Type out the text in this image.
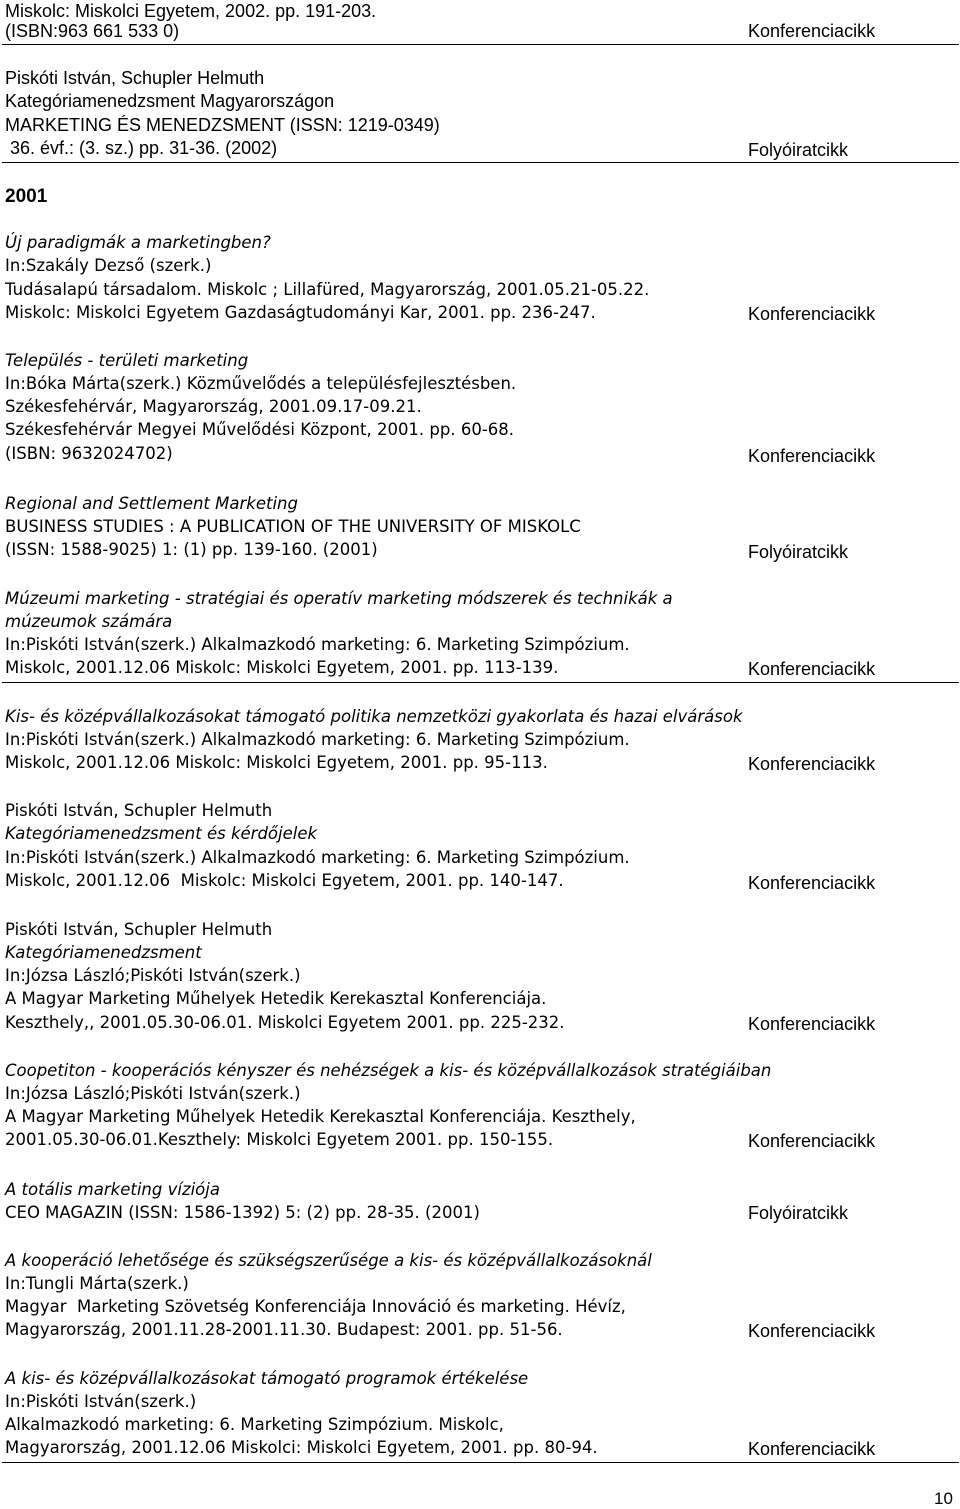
Miskolc: Miskolci Egyetem, 2002. pp. 191-203.
(ISBN:963 661 533 0)	Konferenciacikk
Piskóti István, Schupler Helmuth
Kategóriamenedzsment Magyarországon
MARKETING ÉS MENEDZSMENT (ISSN: 1219-0349)
36. évf.: (3. sz.) pp. 31-36. (2002)	Folyóiratcikk
2001
Új paradigmák a marketingben?
In:Szakály Dezső (szerk.)
Tudásalapú társadalom. Miskolc ; Lillafüred, Magyarország, 2001.05.21-05.22.
Miskolc: Miskolci Egyetem Gazdaságtudományi Kar, 2001. pp. 236-247.	Konferenciacikk
Település - területi marketing
In:Bóka Márta(szerk.) Közművelődés a településfejlesztésben.
Székesfehérvár, Magyarország, 2001.09.17-09.21.
Székesfehérvár Megyei Művelődési Központ, 2001. pp. 60-68.
(ISBN: 9632024702)	Konferenciacikk
Regional and Settlement Marketing
BUSINESS STUDIES : A PUBLICATION OF THE UNIVERSITY OF MISKOLC
(ISSN: 1588-9025) 1: (1) pp. 139-160. (2001)	Folyóiratcikk
Múzeumi marketing - stratégiai és operatív marketing módszerek és technikák a
múzeumok számára
In:Piskóti István(szerk.) Alkalmazkodó marketing: 6. Marketing Szimpózium.
Miskolc, 2001.12.06 Miskolc: Miskolci Egyetem, 2001. pp. 113-139.	Konferenciacikk
Kis- és középvállalkozásokat támogató politika nemzetközi gyakorlata és hazai elvárások
In:Piskóti István(szerk.) Alkalmazkodó marketing: 6. Marketing Szimpózium.
Miskolc, 2001.12.06 Miskolc: Miskolci Egyetem, 2001. pp. 95-113.	Konferenciacikk
Piskóti István, Schupler Helmuth
Kategóriamenedzsment és kérdőjelek
In:Piskóti István(szerk.) Alkalmazkodó marketing: 6. Marketing Szimpózium.
Miskolc, 2001.12.06  Miskolc: Miskolci Egyetem, 2001. pp. 140-147.	Konferenciacikk
Piskóti István, Schupler Helmuth
Kategóriamenedzsment
In:Józsa László;Piskóti István(szerk.)
A Magyar Marketing Műhelyek Hetedik Kerekasztal Konferenciája.
Keszthely,, 2001.05.30-06.01. Miskolci Egyetem 2001. pp. 225-232.	Konferenciacikk
Coopetiton - kooperációs kényszer és nehézségek a kis- és középvállalkozások stratégiáiban
In:Józsa László;Piskóti István(szerk.)
A Magyar Marketing Műhelyek Hetedik Kerekasztal Konferenciája. Keszthely,
2001.05.30-06.01.Keszthely: Miskolci Egyetem 2001. pp. 150-155.	Konferenciacikk
A totális marketing víziója
CEO MAGAZIN (ISSN: 1586-1392) 5: (2) pp. 28-35. (2001)	Folyóiratcikk
A kooperáció lehetősége és szükségszerűsége a kis- és középvállalkozásoknál
In:Tungli Márta(szerk.)
Magyar  Marketing Szövetség Konferenciája Innováció és marketing. Hévíz,
Magyarország, 2001.11.28-2001.11.30. Budapest: 2001. pp. 51-56.	Konferenciacikk
A kis- és középvállalkozásokat támogató programok értékelése
In:Piskóti István(szerk.)
Alkalmazkodó marketing: 6. Marketing Szimpózium. Miskolc,
Magyarország, 2001.12.06 Miskolci: Miskolci Egyetem, 2001. pp. 80-94.	Konferenciacikk
10
